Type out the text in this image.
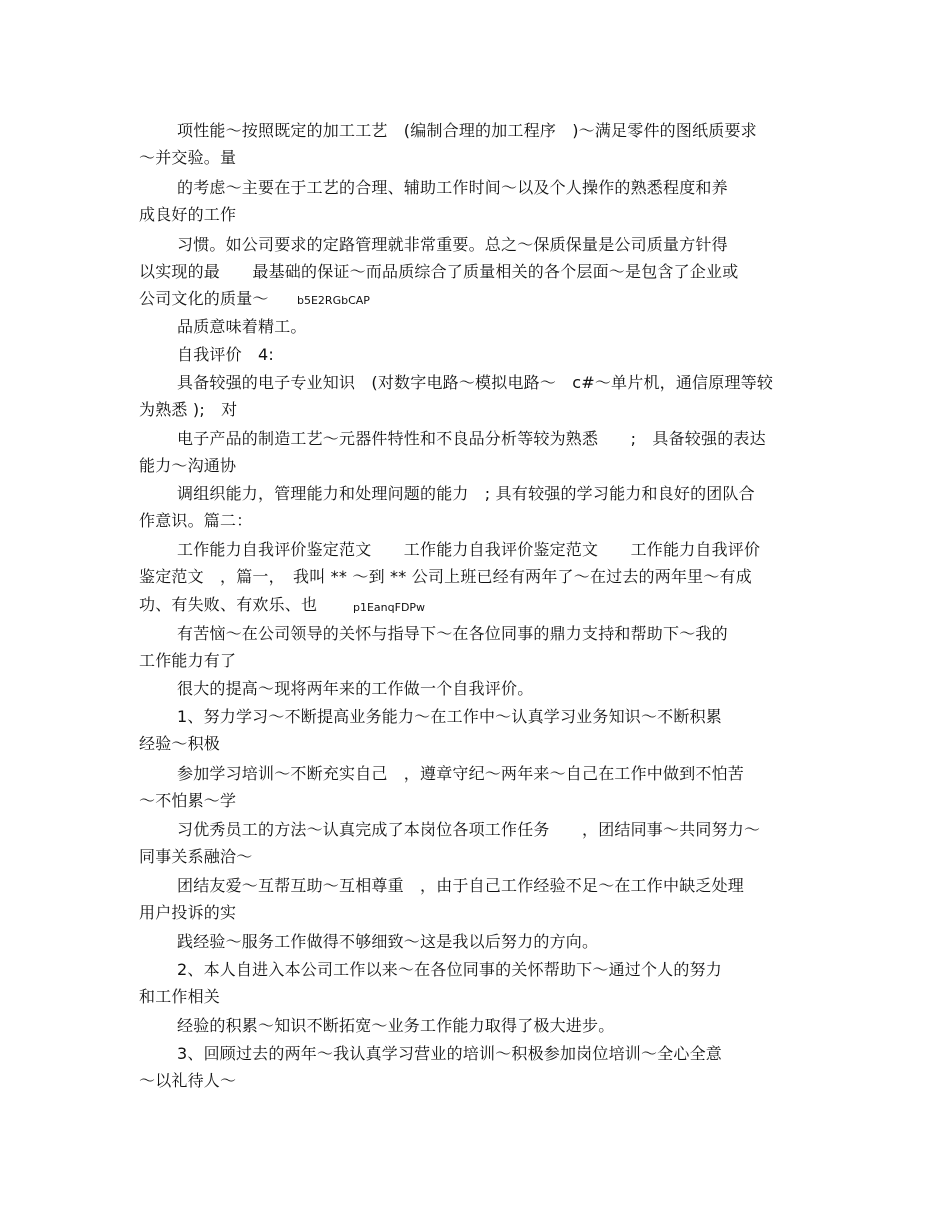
项性能～按照既定的加工工艺　(编制合理的加工程序　)～满足零件的图纸质要求
～并交验。量
的考虑～主要在于工艺的合理、辅助工作时间～以及个人操作的熟悉程度和养
成良好的工作
习惯。如公司要求的定路管理就非常重要。总之～保质保量是公司质量方针得
以实现的最　　最基础的保证～而品质综合了质量相关的各个层面～是包含了企业或
公司文化的质量～	b5E2RGbCAP
品质意味着精工。
自我评价　4:
具备较强的电子专业知识　(对数字电路～模拟电路～　c#～单片机，通信原理等较
为熟悉 );　对
电子产品的制造工艺～元器件特性和不良品分析等较为熟悉　　;　具备较强的表达
能力～沟通协
调组织能力，管理能力和处理问题的能力　; 具有较强的学习能力和良好的团队合
作意识。篇二：
工作能力自我评价鉴定范文　　工作能力自我评价鉴定范文　　工作能力自我评价
鉴定范文　，篇一，　我叫 ** ～到 ** 公司上班已经有两年了～在过去的两年里～有成
功、有失败、有欢乐、也	p1EanqFDPw
有苦恼～在公司领导的关怀与指导下～在各位同事的鼎力支持和帮助下～我的
工作能力有了
很大的提高～现将两年来的工作做一个自我评价。
1、努力学习～不断提高业务能力～在工作中～认真学习业务知识～不断积累
经验～积极
参加学习培训～不断充实自己　，遵章守纪～两年来～自己在工作中做到不怕苦
～不怕累～学
习优秀员工的方法～认真完成了本岗位各项工作任务　　，团结同事～共同努力～
同事关系融洽～
团结友爱～互帮互助～互相尊重　，由于自己工作经验不足～在工作中缺乏处理
用户投诉的实
践经验～服务工作做得不够细致～这是我以后努力的方向。
2、本人自进入本公司工作以来～在各位同事的关怀帮助下～通过个人的努力
和工作相关
经验的积累～知识不断拓宽～业务工作能力取得了极大进步。
3、回顾过去的两年～我认真学习营业的培训～积极参加岗位培训～全心全意
～以礼待人～
